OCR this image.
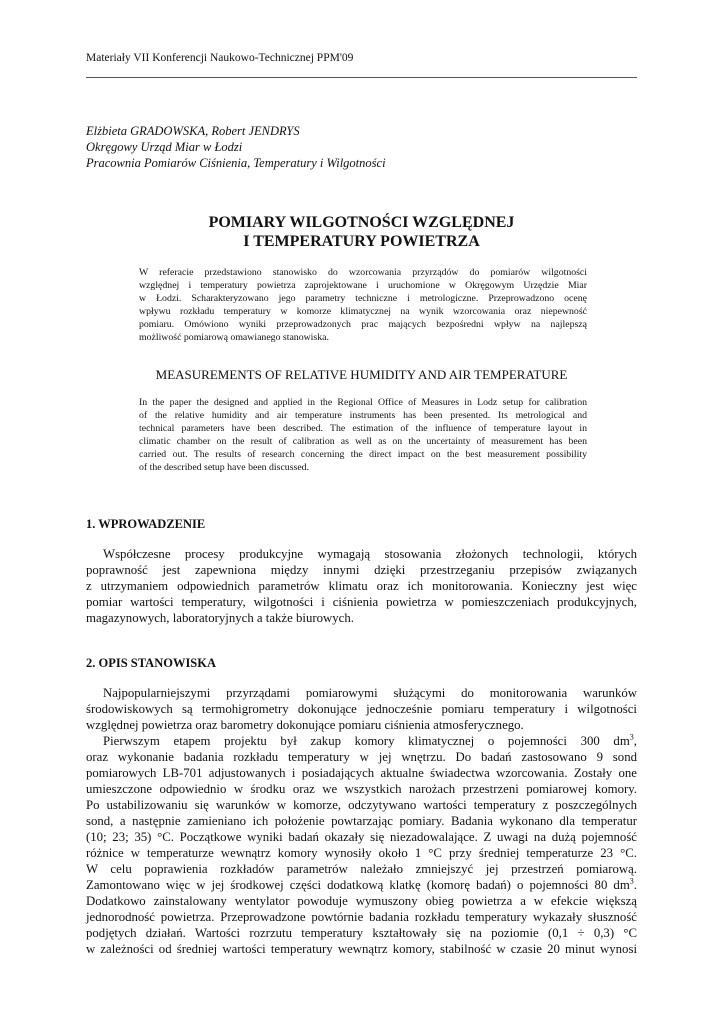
Materiały VII Konferencji Naukowo-Technicznej PPM'09
Elżbieta GRADOWSKA, Robert JENDRYS
Okręgowy Urząd Miar w Łodzi
Pracownia Pomiarów Ciśnienia, Temperatury i Wilgotności
POMIARY WILGOTNOŚCI WZGLĘDNEJ
I TEMPERATURY POWIETRZA
W referacie przedstawiono stanowisko do wzorcowania przyrządów do pomiarów wilgotności
względnej i temperatury powietrza zaprojektowane i uruchomione w Okręgowym Urzędzie Miar
w Łodzi. Scharakteryzowano jego parametry techniczne i metrologiczne. Przeprowadzono ocenę
wpływu rozkładu temperatury w komorze klimatycznej na wynik wzorcowania oraz niepewność
pomiaru. Omówiono wyniki przeprowadzonych prac mających bezpośredni wpływ na najlepszą
możliwość pomiarową omawianego stanowiska.
MEASUREMENTS OF RELATIVE HUMIDITY AND AIR TEMPERATURE
In the paper the designed and applied in the Regional Office of Measures in Lodz setup for calibration
of the relative humidity and air temperature instruments has been presented. Its metrological and
technical parameters have been described. The estimation of the influence of temperature layout in
climatic chamber on the result of calibration as well as on the uncertainty of measurement has been
carried out. The results of research concerning the direct impact on the best measurement possibility
of the described setup have been discussed.
1. WPROWADZENIE
Współczesne procesy produkcyjne wymagają stosowania złożonych technologii, których
poprawność jest zapewniona między innymi dzięki przestrzeganiu przepisów związanych
z utrzymaniem odpowiednich parametrów klimatu oraz ich monitorowania. Konieczny jest więc
pomiar wartości temperatury, wilgotności i ciśnienia powietrza w pomieszczeniach produkcyjnych,
magazynowych, laboratoryjnych a także biurowych.
2. OPIS STANOWISKA
Najpopularniejszymi przyrządami pomiarowymi służącymi do monitorowania warunków
środowiskowych są termohigrometry dokonujące jednocześnie pomiaru temperatury i wilgotności
względnej powietrza oraz barometry dokonujące pomiaru ciśnienia atmosferycznego.
Pierwszym etapem projektu był zakup komory klimatycznej o pojemności 300 $dm^3$,
oraz wykonanie badania rozkładu temperatury w jej wnętrzu. Do badań zastosowano 9 sond
pomiarowych LB-701 adjustowanych i posiadających aktualne świadectwa wzorcowania. Zostały one
umieszczone odpowiednio w środku oraz we wszystkich narożach przestrzeni pomiarowej komory.
Po ustabilizowaniu się warunków w komorze, odczytywano wartości temperatury z poszczególnych
sond, a następnie zamieniano ich położenie powtarzając pomiary. Badania wykonano dla temperatur
(10; 23; 35) °C. Początkowe wyniki badań okazały się niezadowalające. Z uwagi na dużą pojemność
różnice w temperaturze wewnątrz komory wynosiły około 1 °C przy średniej temperaturze 23 °C.
W celu poprawienia rozkładów parametrów należało zmniejszyć jej przestrzeń pomiarową.
Zamontowano więc w jej środkowej części dodatkową klatkę (komorę badań) o pojemności 80 $dm^3$.
Dodatkowo zainstalowany wentylator powoduje wymuszony obieg powietrza a w efekcie większą
jednorodność powietrza. Przeprowadzone powtórnie badania rozkładu temperatury wykazały słuszność
podjętych działań. Wartości rozrzutu temperatury kształtowały się na poziomie (0,1 ÷ 0,3) °C
w zależności od średniej wartości temperatury wewnątrz komory, stabilność w czasie 20 minut wynosi
